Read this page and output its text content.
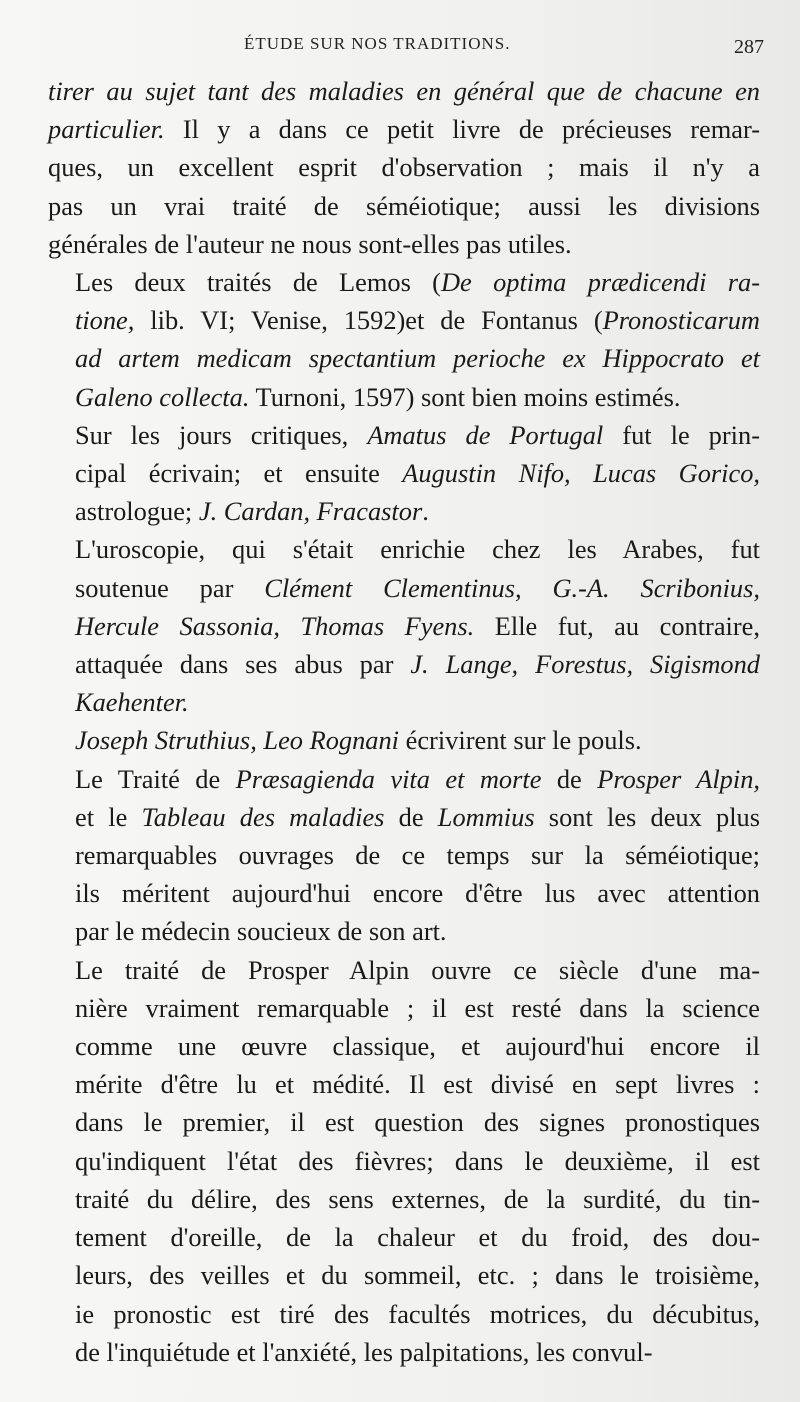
ÉTUDE SUR NOS TRADITIONS.	287

tirer au sujet tant des maladies en général que de chacune en
particulier. Il y a dans ce petit livre de précieuses remar-
ques, un excellent esprit d'observation ; mais il n'y a
pas un vrai traité de séméiotique; aussi les divisions
générales de l'auteur ne nous sont-elles pas utiles.

Les deux traités de Lemos (De optima prædicendi ra-
tione, lib. VI; Venise, 1592)et de Fontanus (Pronosticarum
ad artem medicam spectantium perioche ex Hippocrato et
Galeno collecta. Turnoni, 1597) sont bien moins estimés.

Sur les jours critiques, Amatus de Portugal fut le prin-
cipal écrivain; et ensuite Augustin Nifo, Lucas Gorico,
astrologue; J. Cardan, Fracastor.

L'uroscopie, qui s'était enrichie chez les Arabes, fut
soutenue par Clément Clementinus, G.-A. Scribonius,
Hercule Sassonia, Thomas Fyens. Elle fut, au contraire,
attaquée dans ses abus par J. Lange, Forestus, Sigismond
Kaehenter.

Joseph Struthius, Leo Rognani écrivirent sur le pouls.

Le Traité de Præsagienda vita et morte de Prosper Alpin,
et le Tableau des maladies de Lommius sont les deux plus
remarquables ouvrages de ce temps sur la séméiotique;
ils méritent aujourd'hui encore d'être lus avec attention
par le médecin soucieux de son art.

Le traité de Prosper Alpin ouvre ce siècle d'une ma-
nière vraiment remarquable ; il est resté dans la science
comme une œuvre classique, et aujourd'hui encore il
mérite d'être lu et médité. Il est divisé en sept livres :
dans le premier, il est question des signes pronostiques
qu'indiquent l'état des fièvres; dans le deuxième, il est
traité du délire, des sens externes, de la surdité, du tin-
tement d'oreille, de la chaleur et du froid, des dou-
leurs, des veilles et du sommeil, etc. ; dans le troisième,
ie pronostic est tiré des facultés motrices, du décubitus,
de l'inquiétude et l'anxiété, les palpitations, les convul-
